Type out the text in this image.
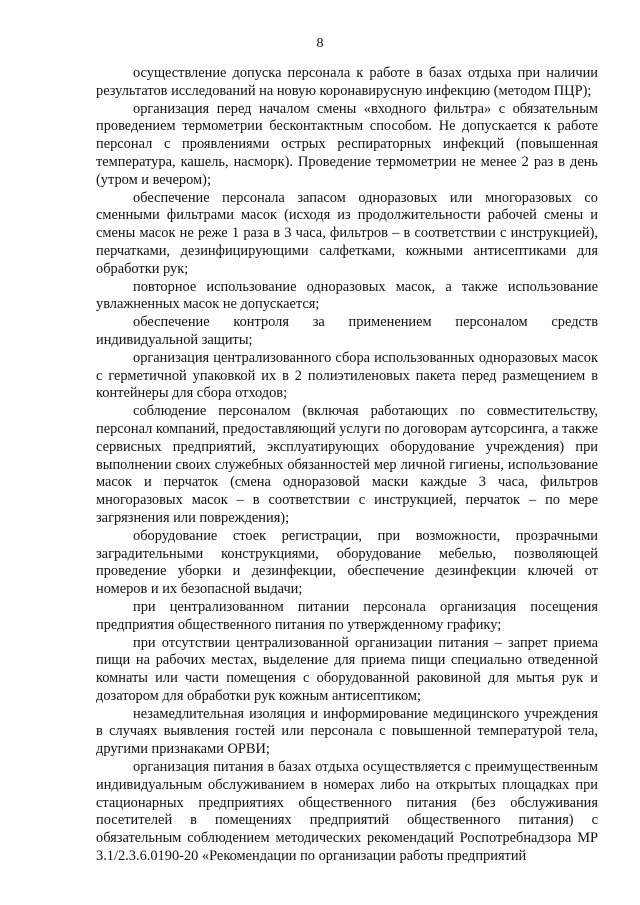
8

осуществление допуска персонала к работе в базах отдыха при наличии результатов исследований на новую коронавирусную инфекцию (методом ПЦР);

организация перед началом смены «входного фильтра» с обязательным проведением термометрии бесконтактным способом. Не допускается к работе персонал с проявлениями острых респираторных инфекций (повышенная температура, кашель, насморк). Проведение термометрии не менее 2 раз в день (утром и вечером);

обеспечение персонала запасом одноразовых или многоразовых со сменными фильтрами масок (исходя из продолжительности рабочей смены и смены масок не реже 1 раза в 3 часа, фильтров – в соответствии с инструкцией), перчатками, дезинфицирующими салфетками, кожными антисептиками для обработки рук;

повторное использование одноразовых масок, а также использование увлажненных масок не допускается;

обеспечение контроля за применением персоналом средств индивидуальной защиты;

организация централизованного сбора использованных одноразовых масок с герметичной упаковкой их в 2 полиэтиленовых пакета перед размещением в контейнеры для сбора отходов;

соблюдение персоналом (включая работающих по совместительству, персонал компаний, предоставляющий услуги по договорам аутсорсинга, а также сервисных предприятий, эксплуатирующих оборудование учреждения) при выполнении своих служебных обязанностей мер личной гигиены, использование масок и перчаток (смена одноразовой маски каждые 3 часа, фильтров многоразовых масок – в соответствии с инструкцией, перчаток – по мере загрязнения или повреждения);

оборудование стоек регистрации, при возможности, прозрачными заградительными конструкциями, оборудование мебелью, позволяющей проведение уборки и дезинфекции, обеспечение дезинфекции ключей от номеров и их безопасной выдачи;

при централизованном питании персонала организация посещения предприятия общественного питания по утвержденному графику;

при отсутствии централизованной организации питания – запрет приема пищи на рабочих местах, выделение для приема пищи специально отведенной комнаты или части помещения с оборудованной раковиной для мытья рук и дозатором для обработки рук кожным антисептиком;

незамедлительная изоляция и информирование медицинского учреждения в случаях выявления гостей или персонала с повышенной температурой тела, другими признаками ОРВИ;

организация питания в базах отдыха осуществляется с преимущественным индивидуальным обслуживанием в номерах либо на открытых площадках при стационарных предприятиях общественного питания (без обслуживания посетителей в помещениях предприятий общественного питания) с обязательным соблюдением методических рекомендаций Роспотребнадзора МР 3.1/2.3.6.0190-20 «Рекомендации по организации работы предприятий
